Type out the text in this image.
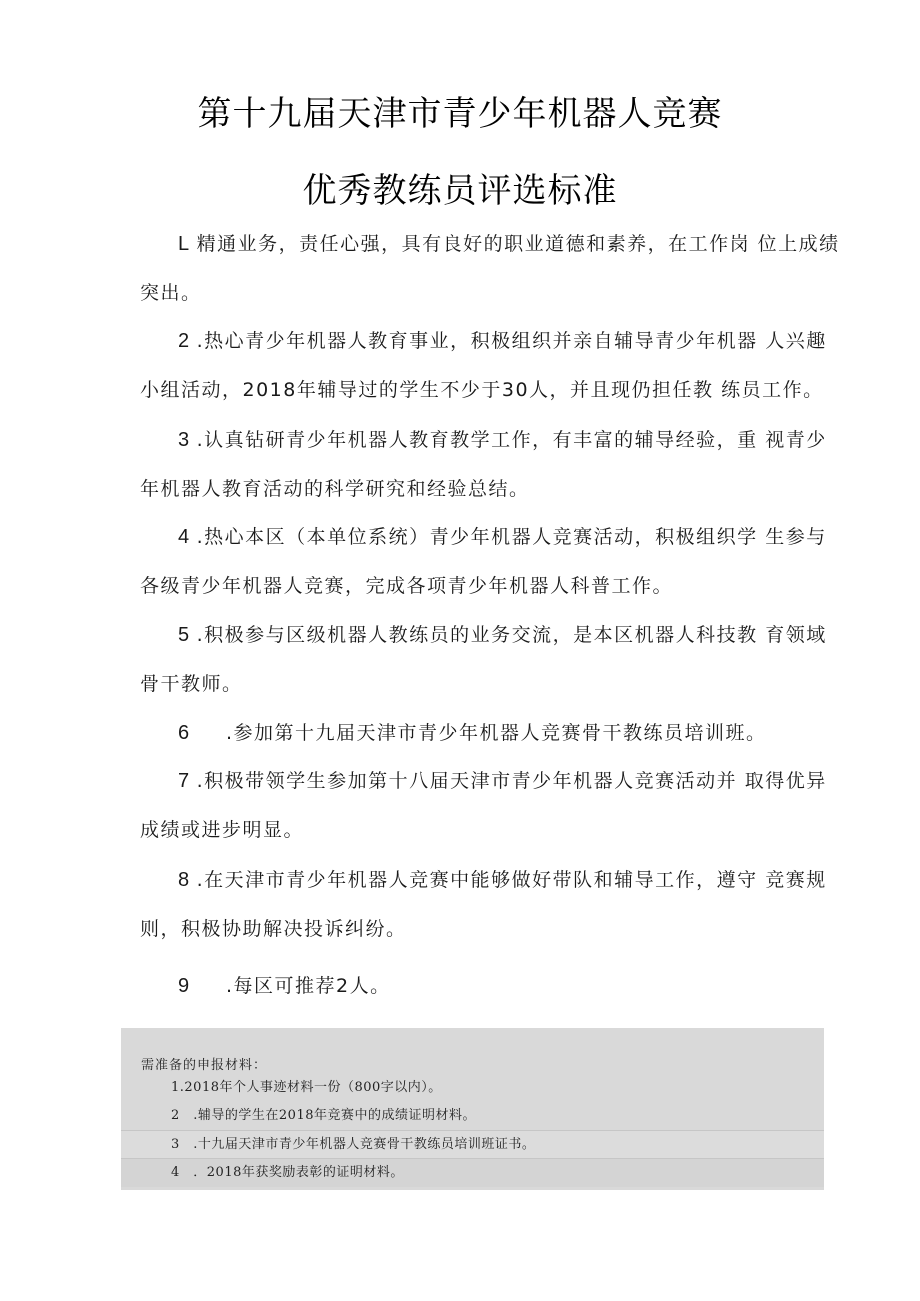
第十九届天津市青少年机器人竞赛
优秀教练员评选标准
L 精通业务，责任心强，具有良好的职业道德和素养，在工作岗 位上成绩
突出。
2 .热心青少年机器人教育事业，积极组织并亲自辅导青少年机器 人兴趣
小组活动，2018年辅导过的学生不少于30人，并且现仍担任教 练员工作。
3 .认真钻研青少年机器人教育教学工作，有丰富的辅导经验，重 视青少
年机器人教育活动的科学研究和经验总结。
4 .热心本区（本单位系统）青少年机器人竞赛活动，积极组织学 生参与
各级青少年机器人竞赛，完成各项青少年机器人科普工作。
5 .积极参与区级机器人教练员的业务交流，是本区机器人科技教 育领域
骨干教师。
6 .参加第十九届天津市青少年机器人竞赛骨干教练员培训班。
7 .积极带领学生参加第十八届天津市青少年机器人竞赛活动并 取得优异
成绩或进步明显。
8 .在天津市青少年机器人竞赛中能够做好带队和辅导工作，遵守 竞赛规
则，积极协助解决投诉纠纷。
9 .每区可推荐2人。
需准备的申报材料：
1.2018年个人事迹材料一份（800字以内）。
2　.辅导的学生在2018年竞赛中的成绩证明材料。
3　.十九届天津市青少年机器人竞赛骨干教练员培训班证书。
4　．2018年获奖励表彰的证明材料。
